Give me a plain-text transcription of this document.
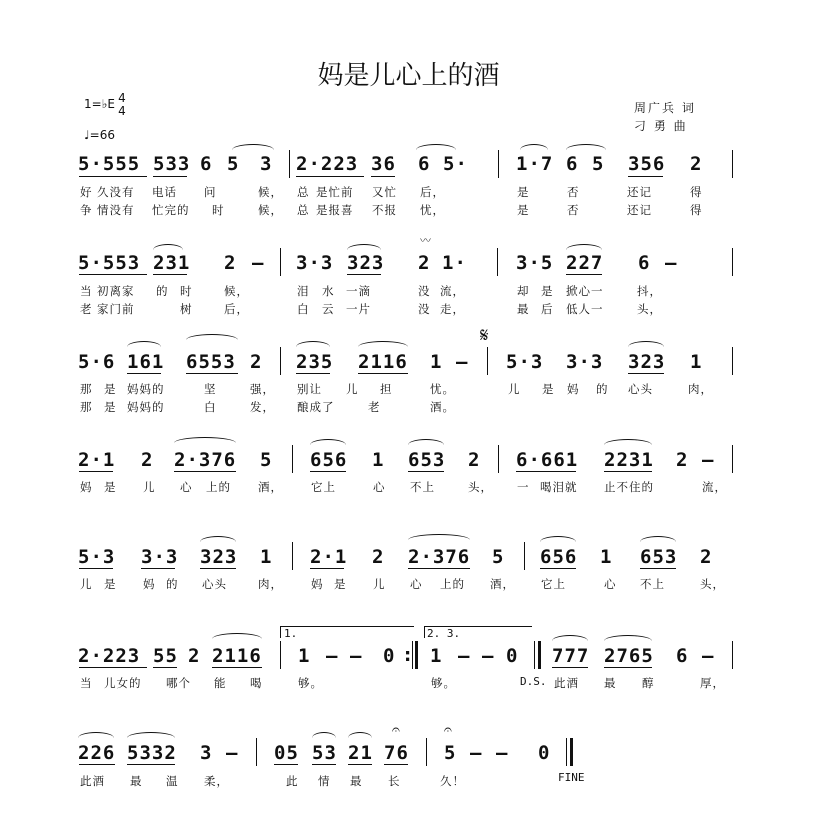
妈是儿心上的酒
1=♭E 4
4
♩=66
周广兵 词
刁 勇 曲
5·555 533 6 5 3 2·223 36 6 5·	1·7 6 5 356 2
好 久没有 电话 问	候， 总 是忙前 又忙 后，	是	否	还记	得
争 情没有 忙完的 时	候， 总 是报喜 不报 忧，	是	否	还记	得
5·553 231 2 – 3·3 323 2 1·	3·5 227 6 –
〰
当 初离家 的 时	候，	泪 水 一滴	没 流，	却 是 掀心一	抖，
老 家门前	树	后，	白 云 一片	没 走，	最 后 低人一	头，
5·6 161 6553 2 235 2116 1 –
𝄋
5·3 3·3 323 1
那 是 妈妈的	坚	强， 别让 儿 担	忧。	儿 是 妈 的 心头	肉，
那 是 妈妈的	白	发， 酿成了	老	酒。
2·1 2 2·376 5 656 1 653 2 6·661 2231 2 –
妈 是 儿 心 上的 酒， 它上	心 不上	头， 一 喝泪就 止不住的	流，
5·3 3·3 323 1 2·1 2 2·376 5 656 1 653 2
儿 是 妈 的 心头	肉， 妈 是 儿 心 上的 酒， 它上	心 不上	头，
2·223 55 2 2116
1.
1 – – 0 :
2. 3.
1 – – 0 777 2765 6 –
当 儿女的 哪个 能 喝	够。	够。	D.S. 此酒 最 醇	厚，
226 5332 3 – 05 53 21 76
𝄐
5
𝄐
– – 0
此酒 最 温 柔，	此 情 最 长	久！	FINE
